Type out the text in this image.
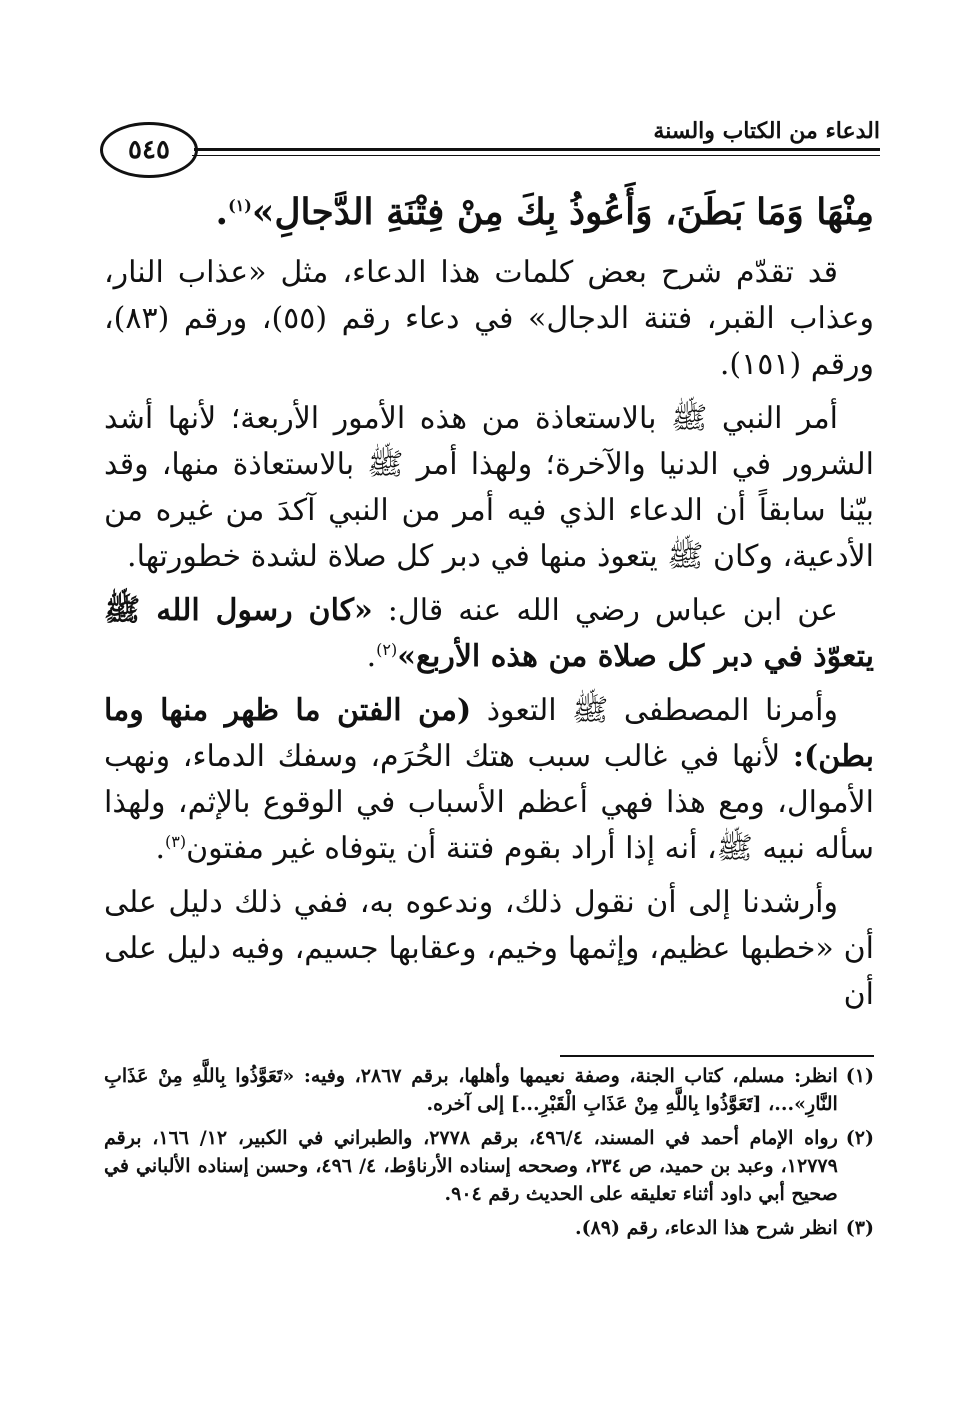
٥٤٥
الدعاء من الكتاب والسنة
مِنْهَا وَمَا بَطَنَ، وَأَعُوذُ بِكَ مِنْ فِتْنَةِ الدَّجالِ»$^{(١)}$.

قد تقدّم شرح بعض كلمات هذا الدعاء، مثل «عذاب النار، وعذاب القبر، فتنة الدجال» في دعاء رقم (٥٥)، ورقم (٨٣)، ورقم (١٥١).

أمر النبي ﷺ بالاستعاذة من هذه الأمور الأربعة؛ لأنها أشد الشرور في الدنيا والآخرة؛ ولهذا أمر ﷺ بالاستعاذة منها، وقد بيّنا سابقاً أن الدعاء الذي فيه أمر من النبي آكدَ من غيره من الأدعية، وكان ﷺ يتعوذ منها في دبر كل صلاة لشدة خطورتها.

عن ابن عباس رضي الله عنه قال: «كان رسول الله ﷺ يتعوّذ في دبر كل صلاة من هذه الأربع»$^{(٢)}$.

وأمرنا المصطفى ﷺ التعوذ (من الفتن ما ظهر منها وما بطن): لأنها في غالب سبب هتك الحُرَم، وسفك الدماء، ونهب الأموال، ومع هذا فهي أعظم الأسباب في الوقوع بالإثم، ولهذا سأله نبيه ﷺ، أنه إذا أراد بقوم فتنة أن يتوفاه غير مفتون$^{(٣)}$.

وأرشدنا إلى أن نقول ذلك، وندعوه به، ففي ذلك دليل على أن «خطبها عظيم، وإثمها وخيم، وعقابها جسيم، وفيه دليل على أن

(١)
انظر: مسلم، كتاب الجنة، وصفة نعيمها وأهلها، برقم ٢٨٦٧، وفيه: «تَعَوَّذُوا بِاللَّهِ مِنْ عَذَابِ النَّارِ»...، [تَعَوَّذُوا بِاللَّهِ مِنْ عَذَابِ الْقَبْرِ...] إلى آخره.
(٢)
رواه الإمام أحمد في المسند، ٤٩٦/٤، برقم ٢٧٧٨، والطبراني في الكبير، ١٢/ ١٦٦، برقم ١٢٧٧٩، وعبد بن حميد، ص ٢٣٤، وصححه إسناده الأرناؤط، ٤/ ٤٩٦، وحسن إسناده الألباني في صحيح أبي داود أثناء تعليقه على الحديث رقم ٩٠٤.
(٣)
انظر شرح هذا الدعاء، رقم (٨٩).
